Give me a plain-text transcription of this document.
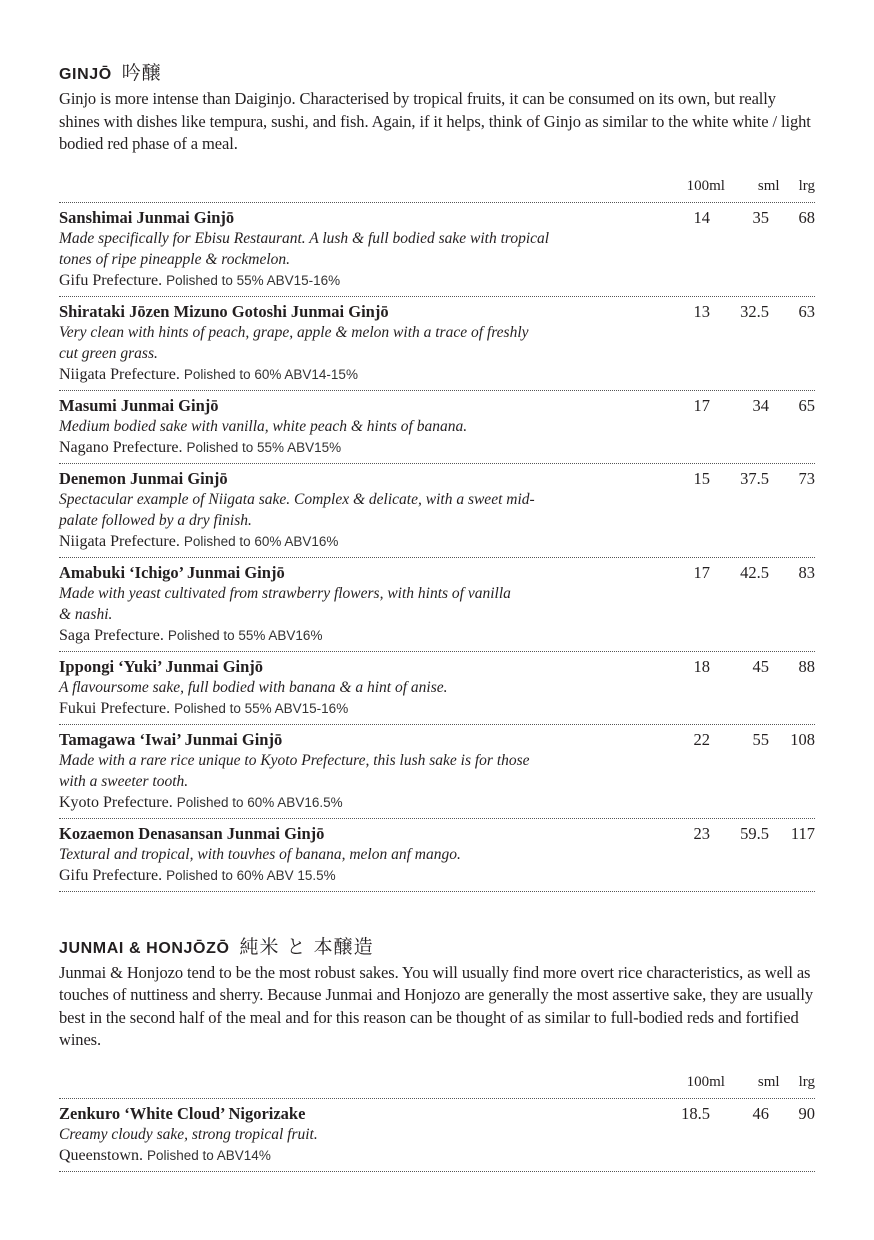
GINJŌ 吟醸

Ginjo is more intense than Daiginjo. Characterised by tropical fruits, it can be consumed on its own, but really shines with dishes like tempura, sushi, and fish. Again, if it helps, think of Ginjo as similar to the white white / light bodied red phase of a meal.

100ml sml lrg
Sanshimai Junmai Ginjō
Made specifically for Ebisu Restaurant. A lush & full bodied sake with tropical tones of ripe pineapple & rockmelon.
Gifu Prefecture. Polished to 55% ABV15-16%
14	35	68
Shirataki Jōzen Mizuno Gotoshi Junmai Ginjō
Very clean with hints of peach, grape, apple & melon with a trace of freshly cut green grass.
Niigata Prefecture. Polished to 60% ABV14-15%
13	32.5	63
Masumi Junmai Ginjō
Medium bodied sake with vanilla, white peach & hints of banana.
Nagano Prefecture. Polished to 55% ABV15%
17	34	65
Denemon Junmai Ginjō
Spectacular example of Niigata sake. Complex & delicate, with a sweet mid-palate followed by a dry finish.
Niigata Prefecture. Polished to 60% ABV16%
15	37.5	73
Amabuki ‘Ichigo’ Junmai Ginjō
Made with yeast cultivated from strawberry flowers, with hints of vanilla & nashi.
Saga Prefecture. Polished to 55% ABV16%
17	42.5	83
Ippongi ‘Yuki’ Junmai Ginjō
A flavoursome sake, full bodied with banana & a hint of anise.
Fukui Prefecture. Polished to 55% ABV15-16%
18	45	88
Tamagawa ‘Iwai’ Junmai Ginjō
Made with a rare rice unique to Kyoto Prefecture, this lush sake is for those with a sweeter tooth.
Kyoto Prefecture. Polished to 60% ABV16.5%
22	55	108
Kozaemon Denasansan Junmai Ginjō
Textural and tropical, with touvhes of banana, melon anf mango.
Gifu Prefecture. Polished to 60% ABV 15.5%
23	59.5	117
JUNMAI & HONJŌZŌ 純米 と 本醸造

Junmai & Honjozo tend to be the most robust sakes. You will usually find more overt rice characteristics, as well as touches of nuttiness and sherry. Because Junmai and Honjozo are generally the most assertive sake, they are usually best in the second half of the meal and for this reason can be thought of as similar to full-bodied reds and fortified wines.

100ml sml lrg
Zenkuro ‘White Cloud’ Nigorizake
Creamy cloudy sake, strong tropical fruit.
Queenstown. Polished to ABV14%
18.5	46	90
